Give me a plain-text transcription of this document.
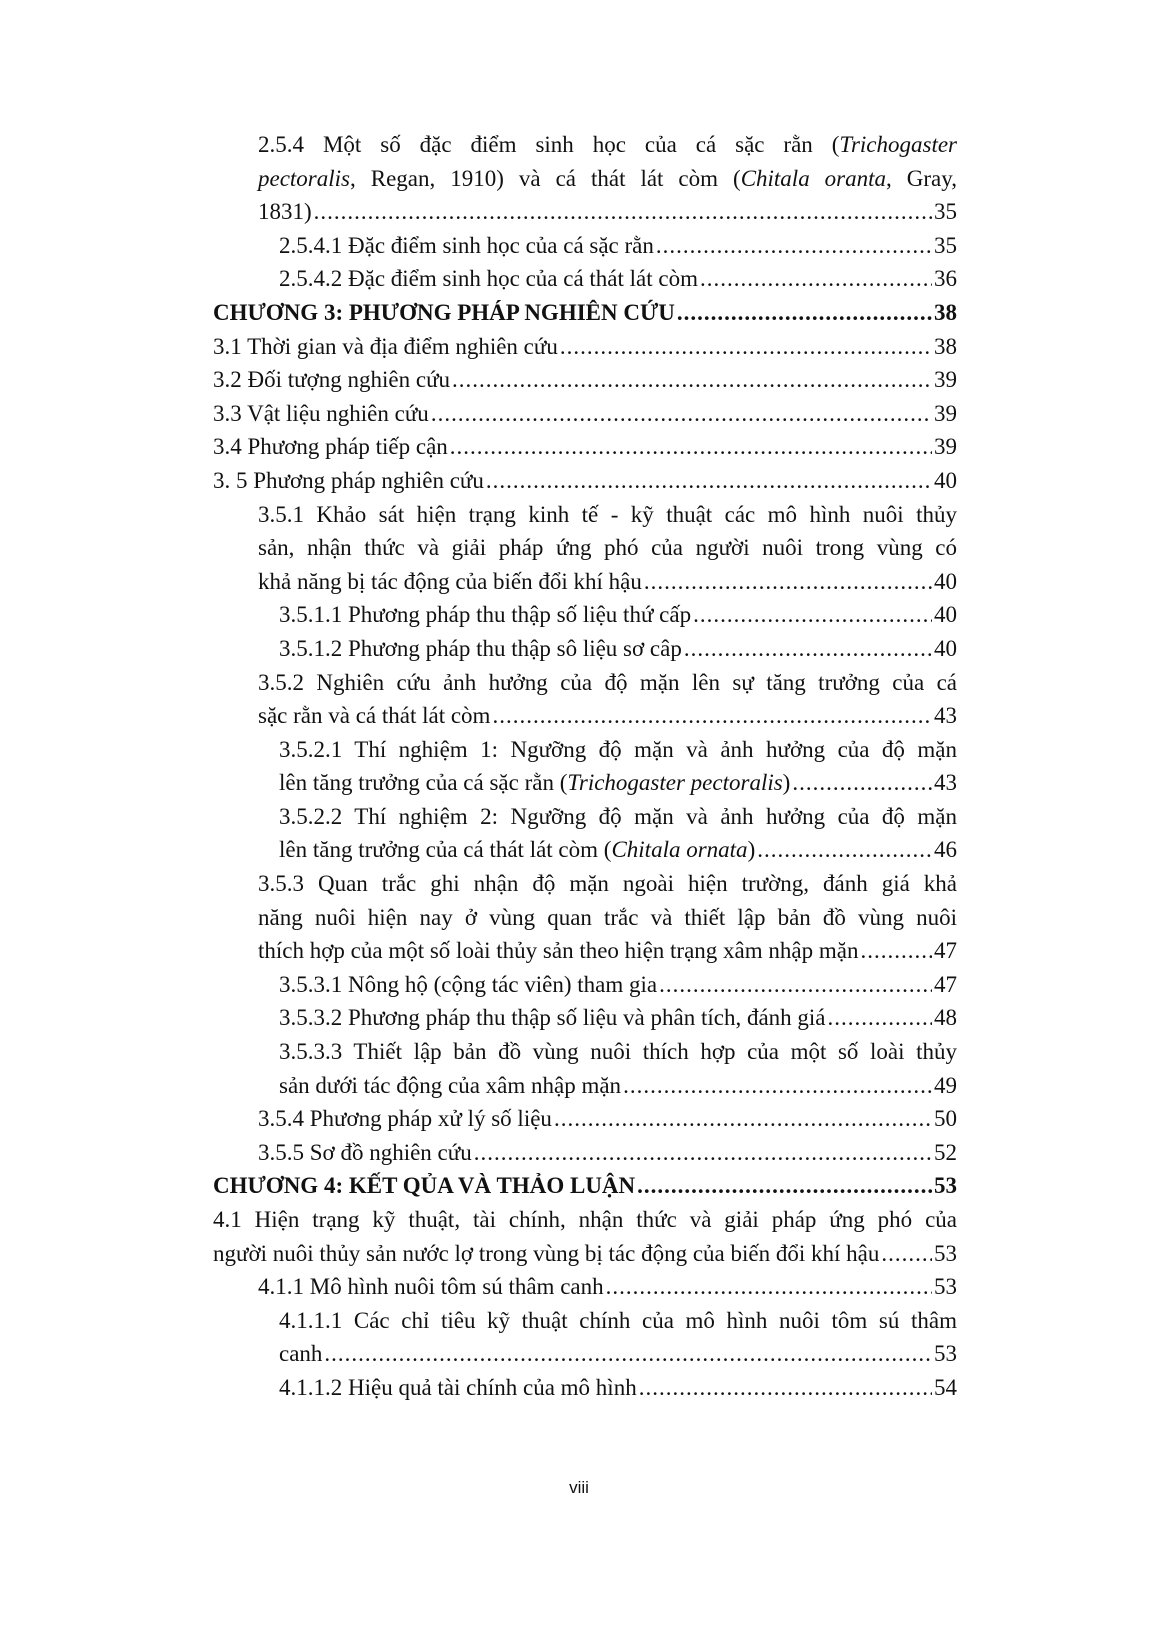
2.5.4 Một số đặc điểm sinh học của cá sặc rằn (Trichogaster
pectoralis, Regan, 1910) và cá thát lát còm (Chitala oranta, Gray,
1831) .....	35
2.5.4.1 Đặc điểm sinh học của cá sặc rằn .....	35
2.5.4.2 Đặc điểm sinh học của cá thát lát còm .....	36
CHƯƠNG 3: PHƯƠNG PHÁP NGHIÊN CỨU .....	38
3.1 Thời gian và địa điểm nghiên cứu .....	38
3.2 Đối tượng nghiên cứu .....	39
3.3 Vật liệu nghiên cứu .....	39
3.4 Phương pháp tiếp cận .....	39
3. 5 Phương pháp nghiên cứu .....	40
3.5.1 Khảo sát hiện trạng kinh tế - kỹ thuật các mô hình nuôi thủy
sản, nhận thức và giải pháp ứng phó của người nuôi trong vùng có
khả năng bị tác động của biến đổi khí hậu .....	40
3.5.1.1 Phương pháp thu thập số liệu thứ cấp .....	40
3.5.1.2 Phương pháp thu thập sô liệu sơ câp .....	40
3.5.2 Nghiên cứu ảnh hưởng của độ mặn lên sự tăng trưởng của cá
sặc rằn và cá thát lát còm .....	43
3.5.2.1 Thí nghiệm 1: Ngưỡng độ mặn và ảnh hưởng của độ mặn
lên tăng trưởng của cá sặc rằn (Trichogaster pectoralis) .....	43
3.5.2.2 Thí nghiệm 2: Ngưỡng độ mặn và ảnh hưởng của độ mặn
lên tăng trưởng của cá thát lát còm (Chitala ornata) .....	46
3.5.3 Quan trắc ghi nhận độ mặn ngoài hiện trường, đánh giá khả
năng nuôi hiện nay ở vùng quan trắc và thiết lập bản đồ vùng nuôi
thích hợp của một số loài thủy sản theo hiện trạng xâm nhập mặn .....	47
3.5.3.1 Nông hộ (cộng tác viên) tham gia .....	47
3.5.3.2 Phương pháp thu thập số liệu và phân tích, đánh giá .....	48
3.5.3.3 Thiết lập bản đồ vùng nuôi thích hợp của một số loài thủy
sản dưới tác động của xâm nhập mặn .....	49
3.5.4 Phương pháp xử lý số liệu .....	50
3.5.5 Sơ đồ nghiên cứu .....	52
CHƯƠNG 4: KẾT QỦA VÀ THẢO LUẬN .....	53
4.1 Hiện trạng kỹ thuật, tài chính, nhận thức và giải pháp ứng phó của
người nuôi thủy sản nước lợ trong vùng bị tác động của biến đổi khí hậu ..... 53
4.1.1 Mô hình nuôi tôm sú thâm canh .....	53
4.1.1.1 Các chỉ tiêu kỹ thuật chính của mô hình nuôi tôm sú thâm
canh .....	53
4.1.1.2 Hiệu quả tài chính của mô hình .....	54
viii
